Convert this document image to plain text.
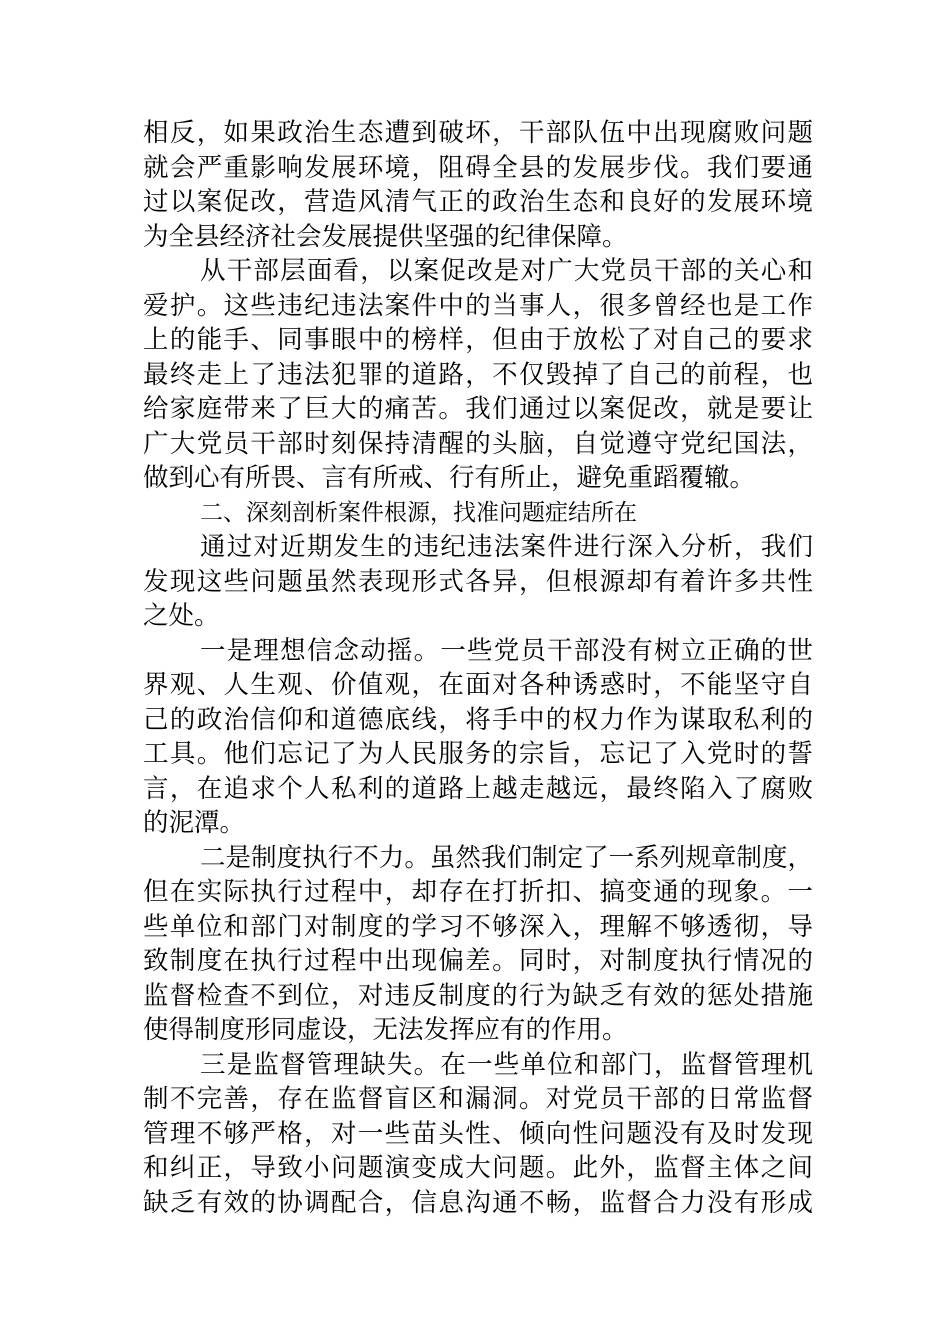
相反，如果政治生态遭到破坏，干部队伍中出现腐败问题
就会严重影响发展环境，阻碍全县的发展步伐。我们要通
过以案促改，营造风清气正的政治生态和良好的发展环境
为全县经济社会发展提供坚强的纪律保障。
从干部层面看，以案促改是对广大党员干部的关心和
爱护。这些违纪违法案件中的当事人，很多曾经也是工作
上的能手、同事眼中的榜样，但由于放松了对自己的要求
最终走上了违法犯罪的道路，不仅毁掉了自己的前程，也
给家庭带来了巨大的痛苦。我们通过以案促改，就是要让
广大党员干部时刻保持清醒的头脑，自觉遵守党纪国法，
做到心有所畏、言有所戒、行有所止，避免重蹈覆辙。
二、深刻剖析案件根源，找准问题症结所在
通过对近期发生的违纪违法案件进行深入分析，我们
发现这些问题虽然表现形式各异，但根源却有着许多共性
之处。
一是理想信念动摇。一些党员干部没有树立正确的世
界观、人生观、价值观，在面对各种诱惑时，不能坚守自
己的政治信仰和道德底线，将手中的权力作为谋取私利的
工具。他们忘记了为人民服务的宗旨，忘记了入党时的誓
言，在追求个人私利的道路上越走越远，最终陷入了腐败
的泥潭。
二是制度执行不力。虽然我们制定了一系列规章制度，
但在实际执行过程中，却存在打折扣、搞变通的现象。一
些单位和部门对制度的学习不够深入，理解不够透彻，导
致制度在执行过程中出现偏差。同时，对制度执行情况的
监督检查不到位，对违反制度的行为缺乏有效的惩处措施
使得制度形同虚设，无法发挥应有的作用。
三是监督管理缺失。在一些单位和部门，监督管理机
制不完善，存在监督盲区和漏洞。对党员干部的日常监督
管理不够严格，对一些苗头性、倾向性问题没有及时发现
和纠正，导致小问题演变成大问题。此外，监督主体之间
缺乏有效的协调配合，信息沟通不畅，监督合力没有形成
